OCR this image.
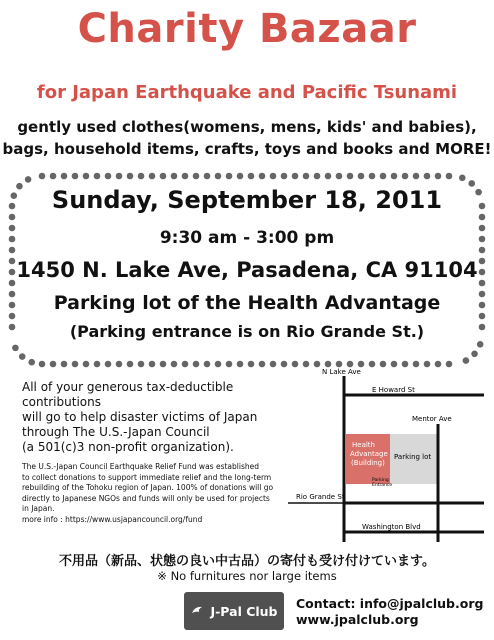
Charity Bazaar
for Japan Earthquake and Pacific Tsunami
gently used clothes(womens, mens, kids' and babies),
bags, household items, crafts, toys and books and MORE!
Sunday, September 18, 2011
9:30 am - 3:00 pm
1450 N. Lake Ave, Pasadena, CA 91104
Parking lot of the Health Advantage
(Parking entrance is on Rio Grande St.)
All of your generous tax-deductible contributions
will go to help disaster victims of Japan
through The U.S.-Japan Council
(a 501(c)3 non-profit organization).
The U.S.-Japan Council Earthquake Relief Fund was established
to collect donations to support immediate relief and the long-term
rebuilding of the Tohoku region of Japan. 100% of donations will go
directly to Japanese NGOs and funds will only be used for projects
in Japan.
more info : https://www.usjapancouncil.org/fund
N Lake Ave
E Howard St
Mentor Ave
Health Advantage (Building)
Parking lot
Parking Entrance
Rio Grande St
Washington Blvd
不用品（新品、状態の良い中古品）の寄付も受け付けています。
※ No furnitures nor large items
J-Pal Club Contact: info@jpalclub.org
www.jpalclub.org
